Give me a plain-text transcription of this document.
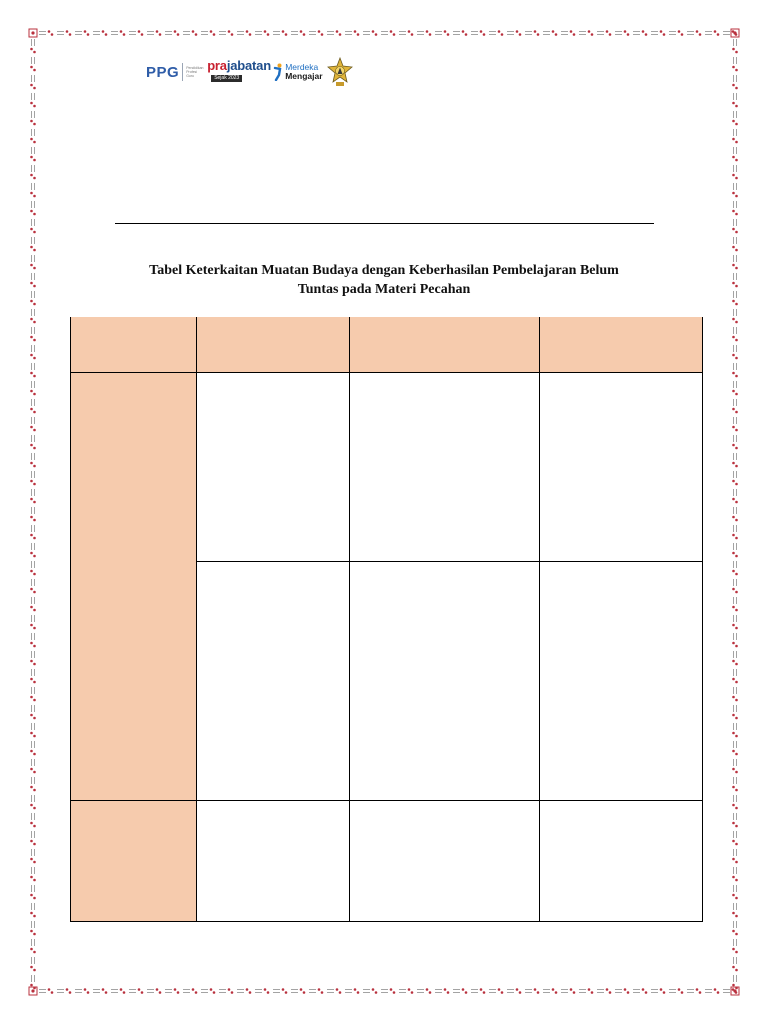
PPG Pendidikan
Profesi
Guru
prajabatan
Sejak 2023
Merdeka
Mengajar
Tabel Keterkaitan Muatan Budaya dengan Keberhasilan Pembelajaran Belum
Tuntas pada Materi Pecahan
